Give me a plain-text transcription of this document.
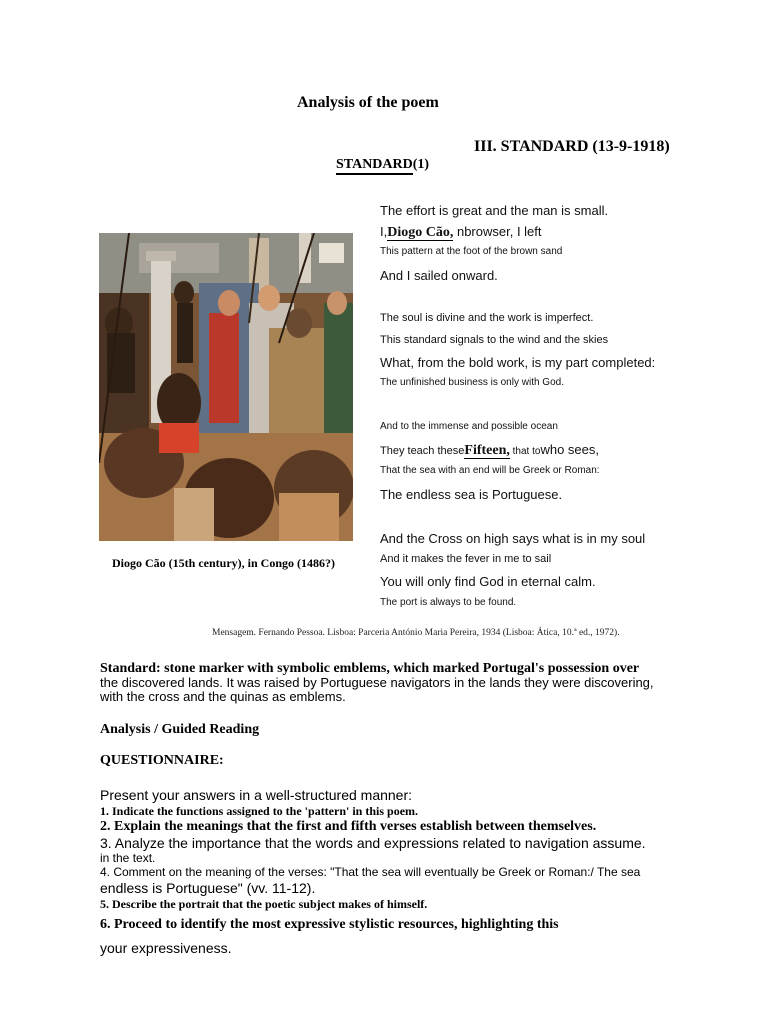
Analysis of the poem
III. STANDARD (13-9-1918)
STANDARD(1)
Diogo Cão (15th century), in Congo (1486?)
The effort is great and the man is small.
I,Diogo Cão, nbrowser, I left
This pattern at the foot of the brown sand
And I sailed onward.
The soul is divine and the work is imperfect.
This standard signals to the wind and the skies
What, from the bold work, is my part completed:
The unfinished business is only with God.
And to the immense and possible ocean
They teach theseFifteen, that towho sees,
That the sea with an end will be Greek or Roman:
The endless sea is Portuguese.
And the Cross on high says what is in my soul
And it makes the fever in me to sail
You will only find God in eternal calm.
The port is always to be found.
Mensagem. Fernando Pessoa. Lisboa: Parceria António Maria Pereira, 1934 (Lisboa: Ática, 10.ª ed., 1972).
Standard: stone marker with symbolic emblems, which marked Portugal's possession over the discovered lands. It was raised by Portuguese navigators in the lands they were discovering, with the cross and the quinas as emblems.
Analysis / Guided Reading
QUESTIONNAIRE:
Present your answers in a well-structured manner:
1. Indicate the functions assigned to the 'pattern' in this poem.
2. Explain the meanings that the first and fifth verses establish between themselves.
3. Analyze the importance that the words and expressions related to navigation assume.
in the text.
4. Comment on the meaning of the verses: "That the sea will eventually be Greek or Roman:/ The sea
endless is Portuguese" (vv. 11-12).
5. Describe the portrait that the poetic subject makes of himself.
6. Proceed to identify the most expressive stylistic resources, highlighting this
your expressiveness.
